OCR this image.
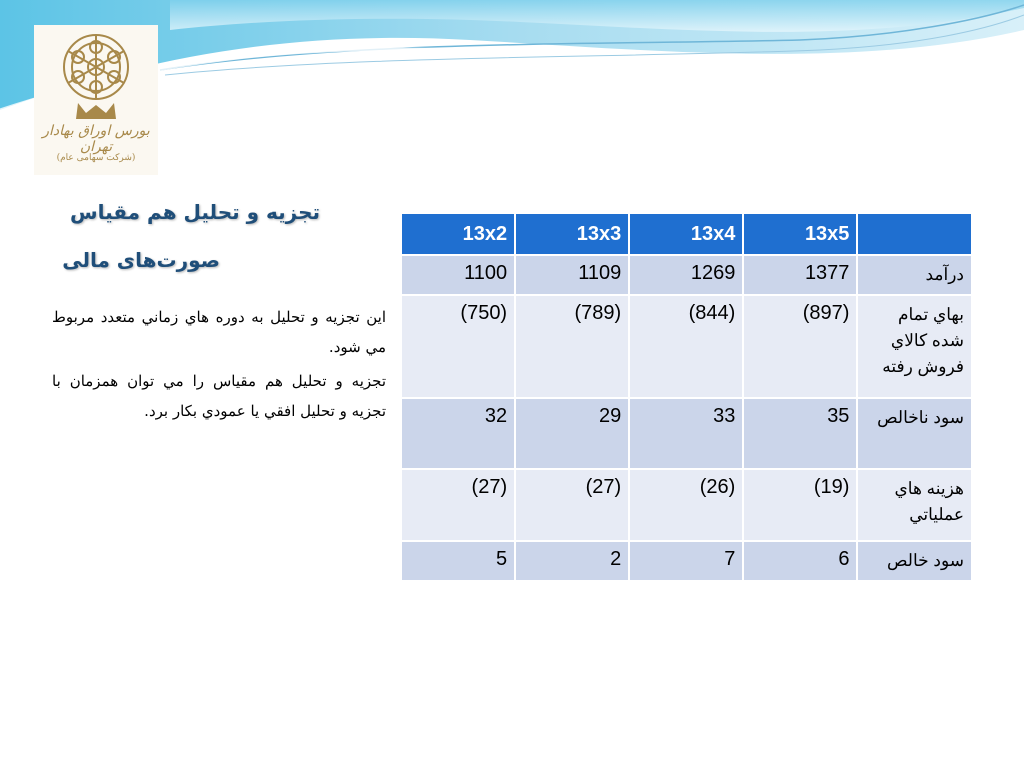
بورس اوراق بهادار تهران
(شرکت سهامی عام)
تجزيه و تحليل هم مقياس
صورت‌های مالی

اين تجزيه و تحليل به دوره هاي زماني متعدد مربوط مي شود.

تجزيه و تحليل هم مقياس را مي توان همزمان با تجزيه و تحليل افقي يا عمودي بكار برد.

13x2	13x3	13x4	13x5	
1100	1109	1269	1377	درآمد
(750)	(789)	(844)	(897)	بهاي تمام شده كالاي فروش رفته
32	29	33	35	سود ناخالص
(27)	(27)	(26)	(19)	هزينه هاي عملياتي
5	2	7	6	سود خالص
